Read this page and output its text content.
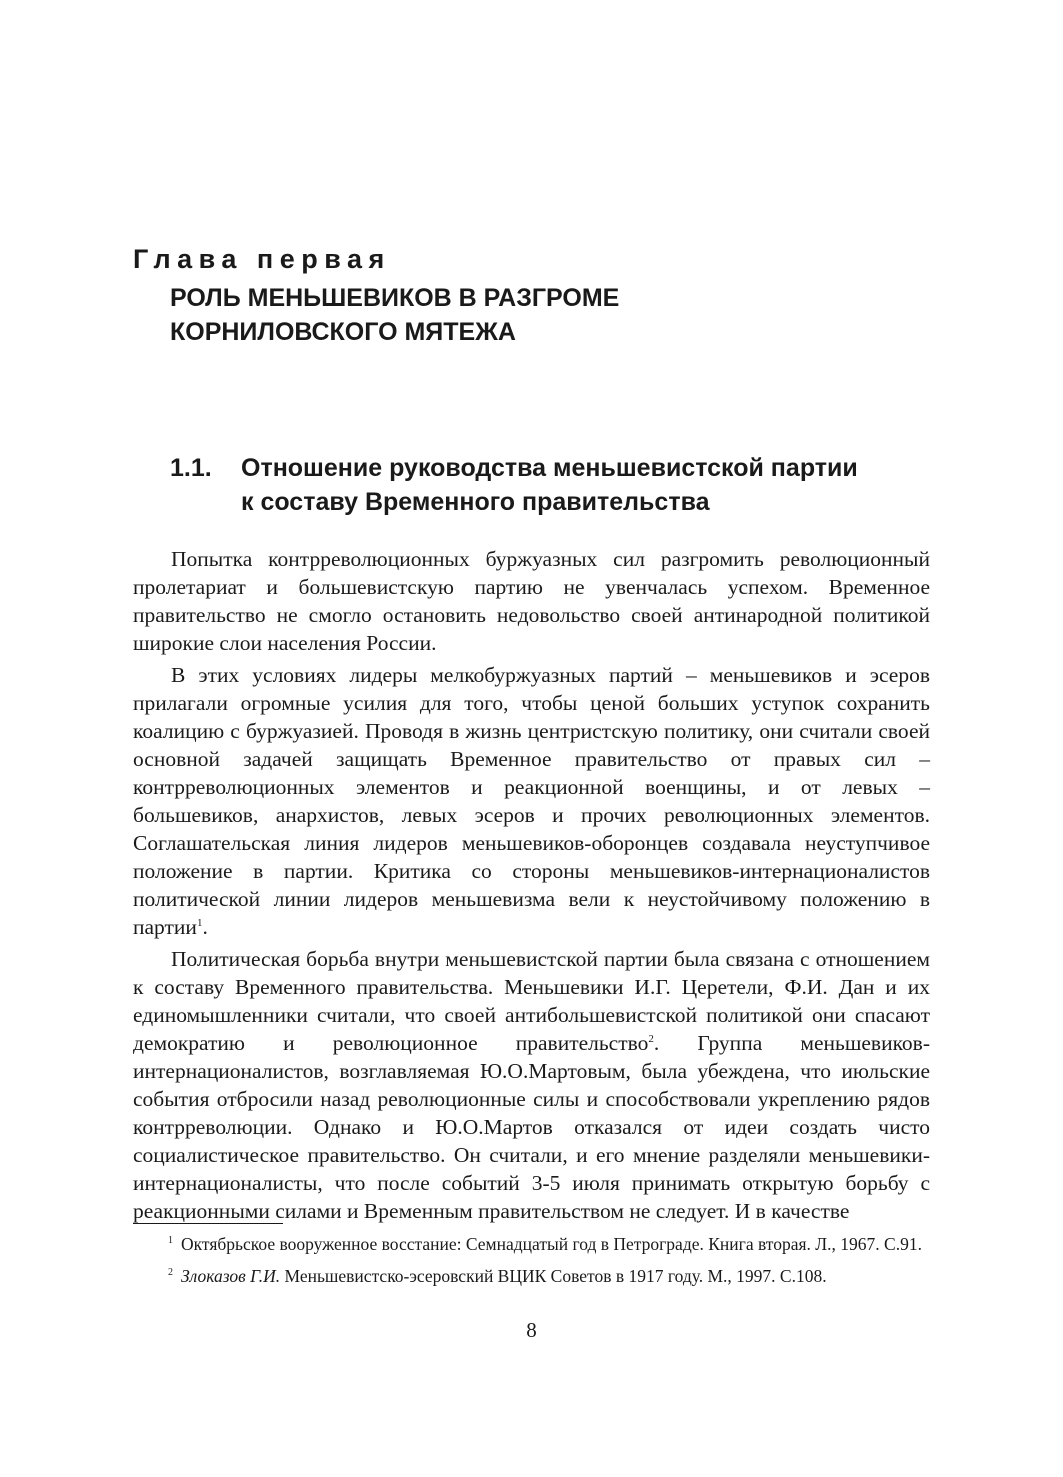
Глава первая
РОЛЬ МЕНЬШЕВИКОВ В РАЗГРОМЕ
КОРНИЛОВСКОГО МЯТЕЖА
1.1. Отношение руководства меньшевистской партии
к составу Временного правительства

Попытка контрреволюционных буржуазных сил разгромить революционный пролетариат и большевистскую партию не увенчалась успехом. Временное правительство не смогло остановить недовольство своей антинародной политикой широкие слои населения России.

В этих условиях лидеры мелкобуржуазных партий – меньшевиков и эсеров прилагали огромные усилия для того, чтобы ценой больших уступок сохранить коалицию с буржуазией. Проводя в жизнь центристскую политику, они считали своей основной задачей защищать Временное правительство от правых сил – контрреволюционных элементов и реакционной военщины, и от левых – большевиков, анархистов, левых эсеров и прочих революционных элементов. Соглашательская линия лидеров меньшевиков-оборонцев создавала неуступчивое положение в партии. Критика со стороны меньшевиков-интернационалистов политической линии лидеров меньшевизма вели к неустойчивому положению в партии$^1$.

Политическая борьба внутри меньшевистской партии была связана с отношением к составу Временного правительства. Меньшевики И.Г. Церетели, Ф.И. Дан и их единомышленники считали, что своей антибольшевистской политикой они спасают демократию и революционное правительство$^2$. Группа меньшевиков-интернационалистов, возглавляемая Ю.О.Мартовым, была убеждена, что июльские события отбросили назад революционные силы и способствовали укреплению рядов контрреволюции. Однако и Ю.О.Мартов отказался от идеи создать чисто социалистическое правительство. Он считали, и его мнение разделяли меньшевики-интернационалисты, что после событий 3-5 июля принимать открытую борьбу с реакционными силами и Временным правительством не следует. И в качестве

$^1$ Октябрьское вооруженное восстание: Семнадцатый год в Петрограде. Книга вторая. Л., 1967. С.91.

$^2$ Злоказов Г.И. Меньшевистско-эсеровский ВЦИК Советов в 1917 году. М., 1997. С.108.

8
